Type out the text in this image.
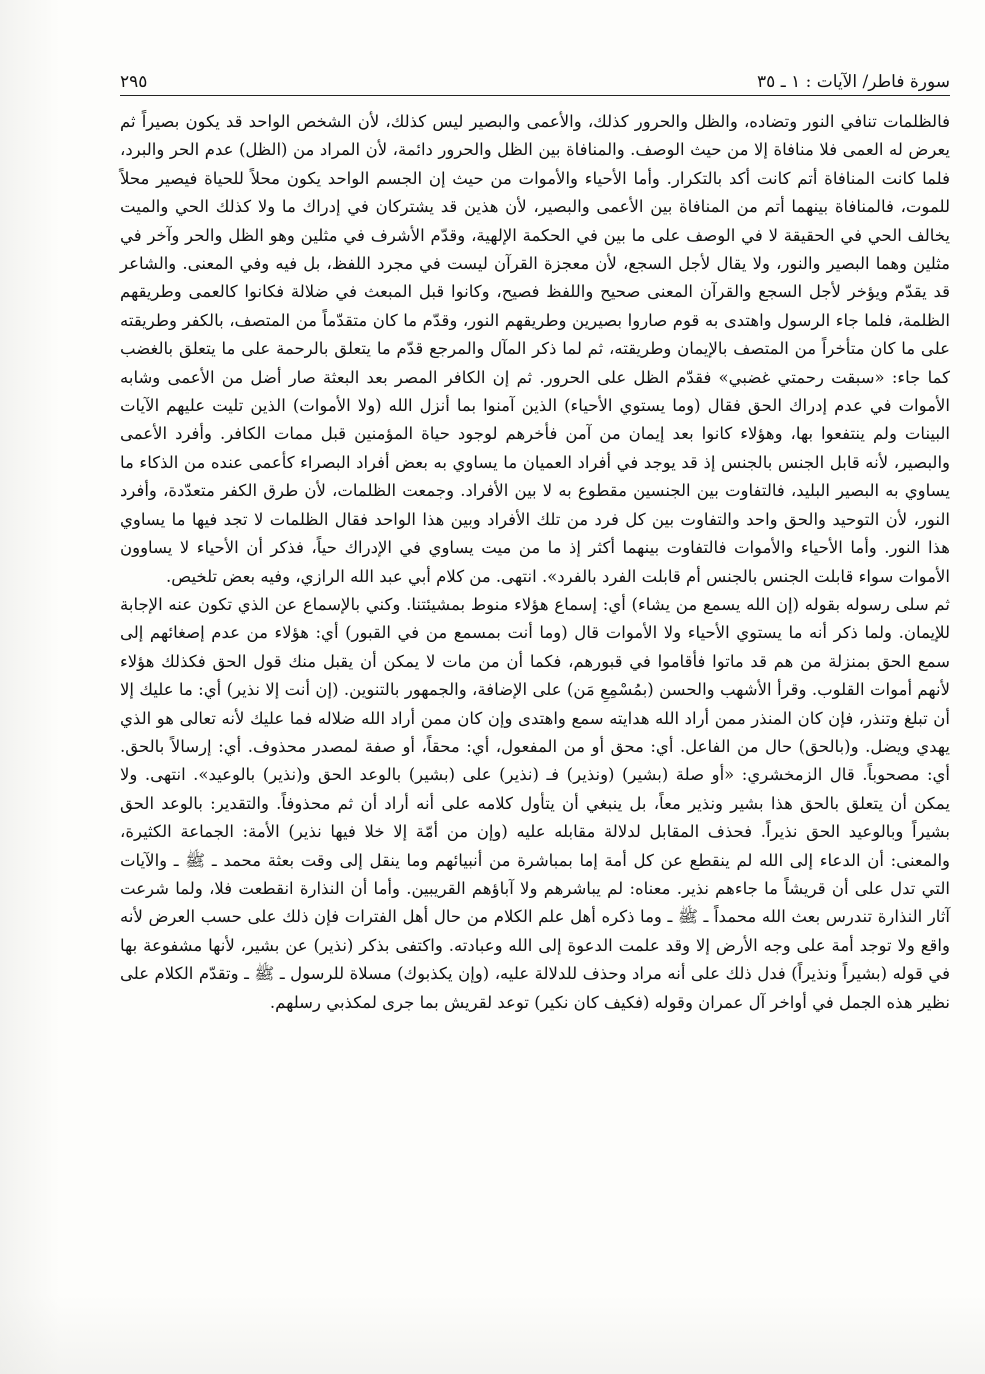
سورة فاطر/ الآيات : ١ ـ ٣٥
٢٩٥

فالظلمات تنافي النور وتضاده، والظل والحرور كذلك، والأعمى والبصير ليس كذلك، لأن الشخص الواحد قد يكون بصيراً ثم يعرض له العمى فلا منافاة إلا من حيث الوصف. والمنافاة بين الظل والحرور دائمة، لأن المراد من (الظل) عدم الحر والبرد، فلما كانت المنافاة أتم كانت أكد بالتكرار. وأما الأحياء والأموات من حيث إن الجسم الواحد يكون محلاً للحياة فيصير محلاً للموت، فالمنافاة بينهما أتم من المنافاة بين الأعمى والبصير، لأن هذين قد يشتركان في إدراك ما ولا كذلك الحي والميت يخالف الحي في الحقيقة لا في الوصف على ما بين في الحكمة الإلهية، وقدّم الأشرف في مثلين وهو الظل والحر وآخر في مثلين وهما البصير والنور، ولا يقال لأجل السجع، لأن معجزة القرآن ليست في مجرد اللفظ، بل فيه وفي المعنى. والشاعر قد يقدّم ويؤخر لأجل السجع والقرآن المعنى صحيح واللفظ فصيح، وكانوا قبل المبعث في ضلالة فكانوا كالعمى وطريقهم الظلمة، فلما جاء الرسول واهتدى به قوم صاروا بصيرين وطريقهم النور، وقدّم ما كان متقدّماً من المتصف، بالكفر وطريقته على ما كان متأخراً من المتصف بالإيمان وطريقته، ثم لما ذكر المآل والمرجع قدّم ما يتعلق بالرحمة على ما يتعلق بالغضب كما جاء: «سبقت رحمتي غضبي» فقدّم الظل على الحرور. ثم إن الكافر المصر بعد البعثة صار أضل من الأعمى وشابه الأموات في عدم إدراك الحق فقال (وما يستوي الأحياء) الذين آمنوا بما أنزل الله (ولا الأموات) الذين تليت عليهم الآيات البينات ولم ينتفعوا بها، وهؤلاء كانوا بعد إيمان من آمن فأخرهم لوجود حياة المؤمنين قبل ممات الكافر. وأفرد الأعمى والبصير، لأنه قابل الجنس بالجنس إذ قد يوجد في أفراد العميان ما يساوي به بعض أفراد البصراء كأعمى عنده من الذكاء ما يساوي به البصير البليد، فالتفاوت بين الجنسين مقطوع به لا بين الأفراد. وجمعت الظلمات، لأن طرق الكفر متعدّدة، وأفرد النور، لأن التوحيد والحق واحد والتفاوت بين كل فرد من تلك الأفراد وبين هذا الواحد فقال الظلمات لا تجد فيها ما يساوي هذا النور. وأما الأحياء والأموات فالتفاوت بينهما أكثر إذ ما من ميت يساوي في الإدراك حياً، فذكر أن الأحياء لا يساوون الأموات سواء قابلت الجنس بالجنس أم قابلت الفرد بالفرد». انتهى. من كلام أبي عبد الله الرازي، وفيه بعض تلخيص.

ثم سلى رسوله بقوله (إن الله يسمع من يشاء) أي: إسماع هؤلاء منوط بمشيئتنا. وكني بالإسماع عن الذي تكون عنه الإجابة للإيمان. ولما ذكر أنه ما يستوي الأحياء ولا الأموات قال (وما أنت بمسمع من في القبور) أي: هؤلاء من عدم إصغائهم إلى سمع الحق بمنزلة من هم قد ماتوا فأقاموا في قبورهم، فكما أن من مات لا يمكن أن يقبل منك قول الحق فكذلك هؤلاء لأنهم أموات القلوب. وقرأ الأشهب والحسن (بمُسْمِعِ مَن) على الإضافة، والجمهور بالتنوين. (إن أنت إلا نذير) أي: ما عليك إلا أن تبلغ وتنذر، فإن كان المنذر ممن أراد الله هدايته سمع واهتدى وإن كان ممن أراد الله ضلاله فما عليك لأنه تعالى هو الذي يهدي ويضل. و(بالحق) حال من الفاعل. أي: محق أو من المفعول، أي: محقاً، أو صفة لمصدر محذوف. أي: إرسالاً بالحق. أي: مصحوباً. قال الزمخشري: «أو صلة (بشير) (ونذير) فـ (نذير) على (بشير) بالوعد الحق و(نذير) بالوعيد». انتهى. ولا يمكن أن يتعلق بالحق هذا بشير ونذير معاً، بل ينبغي أن يتأول كلامه على أنه أراد أن ثم محذوفاً. والتقدير: بالوعد الحق بشيراً وبالوعيد الحق نذيراً. فحذف المقابل لدلالة مقابله عليه (وإن من أمّة إلا خلا فيها نذير) الأمة: الجماعة الكثيرة، والمعنى: أن الدعاء إلى الله لم ينقطع عن كل أمة إما بمباشرة من أنبيائهم وما ينقل إلى وقت بعثة محمد ـ ﷺ ـ والآيات التي تدل على أن قريشاً ما جاءهم نذير. معناه: لم يباشرهم ولا آباؤهم القريبين. وأما أن النذارة انقطعت فلا، ولما شرعت آثار النذارة تندرس بعث الله محمداً ـ ﷺ ـ وما ذكره أهل علم الكلام من حال أهل الفترات فإن ذلك على حسب العرض لأنه واقع ولا توجد أمة على وجه الأرض إلا وقد علمت الدعوة إلى الله وعبادته. واكتفى بذكر (نذير) عن بشير، لأنها مشفوعة بها في قوله (بشيراً ونذيراً) فدل ذلك على أنه مراد وحذف للدلالة عليه، (وإن يكذبوك) مسلاة للرسول ـ ﷺ ـ وتقدّم الكلام على نظير هذه الجمل في أواخر آل عمران وقوله (فكيف كان نكير) توعد لقريش بما جرى لمكذبي رسلهم.
